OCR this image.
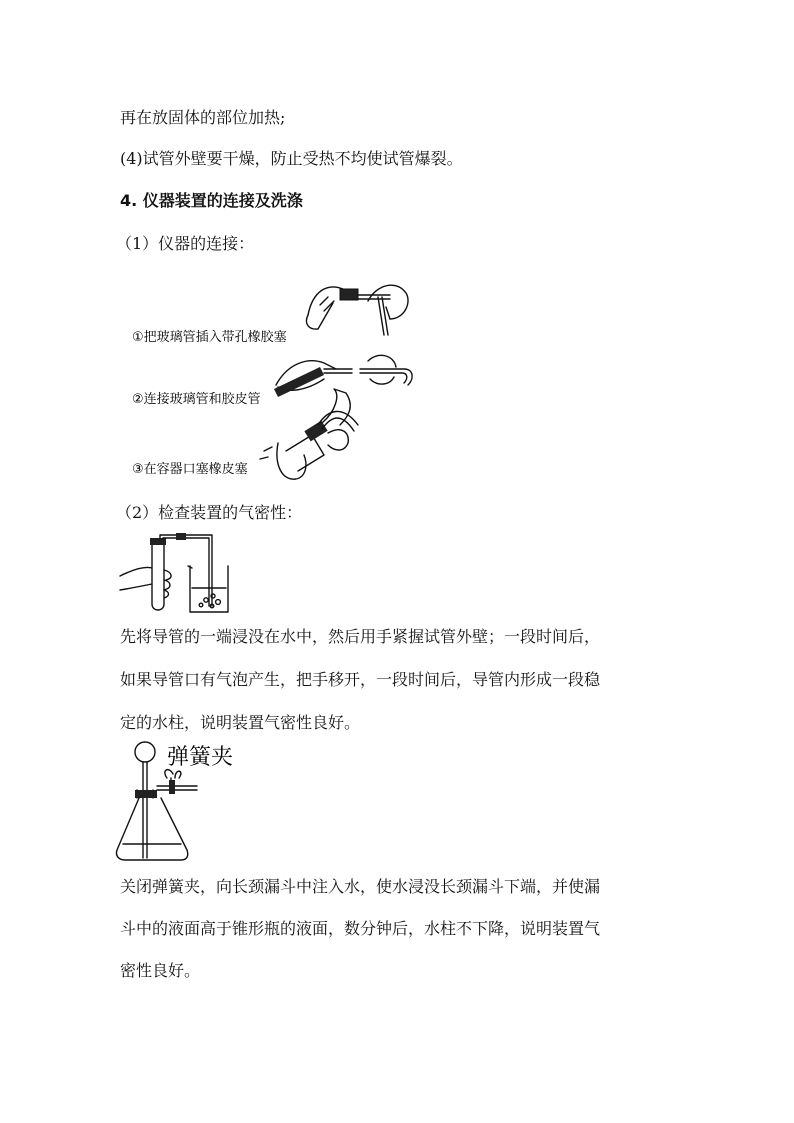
再在放固体的部位加热;
(4)试管外壁要干燥，防止受热不均使试管爆裂。
4. 仪器装置的连接及洗涤
（1）仪器的连接：
①把玻璃管插入带孔橡胶塞
②连接玻璃管和胶皮管
③在容器口塞橡皮塞
（2）检查装置的气密性：
先将导管的一端浸没在水中，然后用手紧握试管外壁；一段时间后，
如果导管口有气泡产生，把手移开，一段时间后，导管内形成一段稳
定的水柱，说明装置气密性良好。
弹簧夹
关闭弹簧夹，向长颈漏斗中注入水，使水浸没长颈漏斗下端，并使漏
斗中的液面高于锥形瓶的液面，数分钟后，水柱不下降，说明装置气
密性良好。
